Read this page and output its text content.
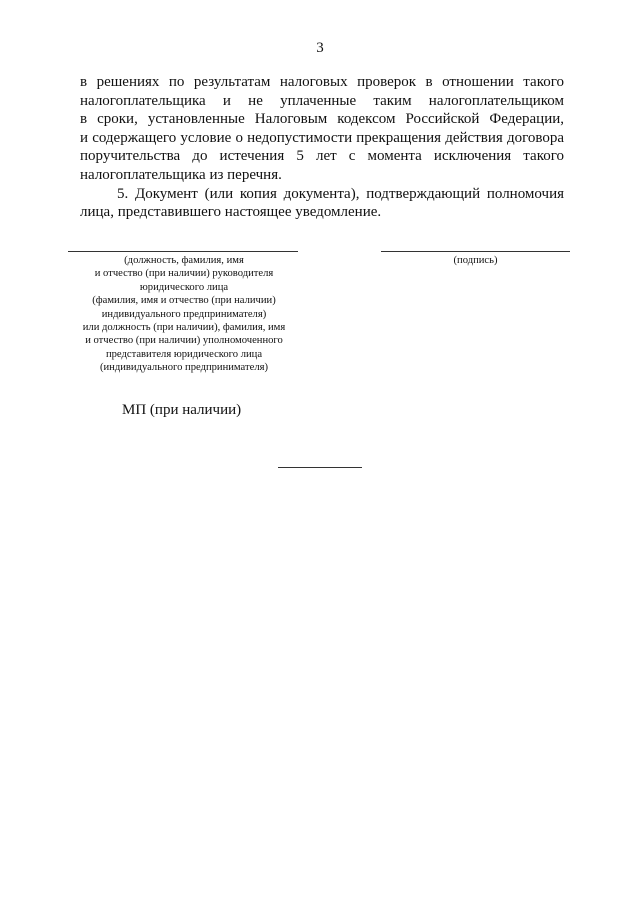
3
в решениях по результатам налоговых проверок в отношении такого
налогоплательщика и не уплаченные таким налогоплательщиком
в сроки, установленные Налоговым кодексом Российской Федерации,
и содержащего условие о недопустимости прекращения действия договора
поручительства до истечения 5 лет с момента исключения такого
налогоплательщика из перечня.
5. Документ (или копия документа), подтверждающий полномочия
лица, представившего настоящее уведомление.
(должность, фамилия, имя
и отчество (при наличии) руководителя
юридического лица
(фамилия, имя и отчество (при наличии)
индивидуального предпринимателя)
или должность (при наличии), фамилия, имя
и отчество (при наличии) уполномоченного
представителя юридического лица
(индивидуального предпринимателя)
(подпись)
МП (при наличии)
